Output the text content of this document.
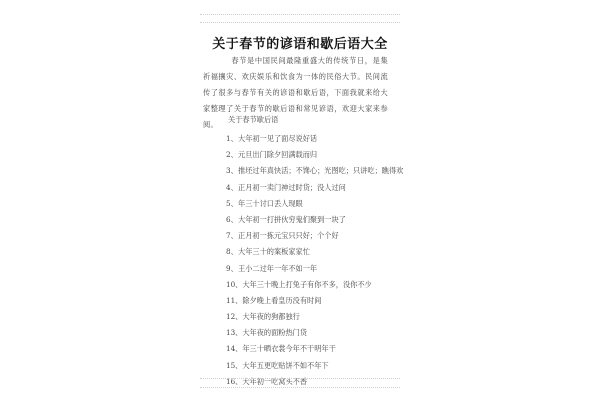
关于春节的谚语和歇后语大全
春节是中国民间最隆重盛大的传统节日，是集祈福攘灾、欢庆娱乐和饮食为一体的民俗大节。民间流传了很多与春节有关的谚语和歇后语，下面我就来给大家整理了关于春节的歇后语和常见谚语，欢迎大家来参阅。
关于春节歇后语
1、大年初一见了面尽说好话
2、元旦出门除夕回满载而归
3、推坯过年真快活；不馋心；光图吃；只讲吃；瞧得欢
4、正月初一卖门神过时货；没人过问
5、年三十讨口丢人现眼
6、大年初一打拼伙穷鬼们聚到一块了
7、正月初一拣元宝只只好；个个好
8、大年三十的案板家家忙
9、王小二过年一年不如一年
10、大年三十晚上打兔子有你不多，没你不少
11、除夕晚上看皇历没有时间
12、大年夜的狗都独行
13、大年夜的面粉热门货
14、年三十晒衣裳今年不干明年干
15、大年五更吃贴饼不如不年下
16、大年初一吃窝头不香
